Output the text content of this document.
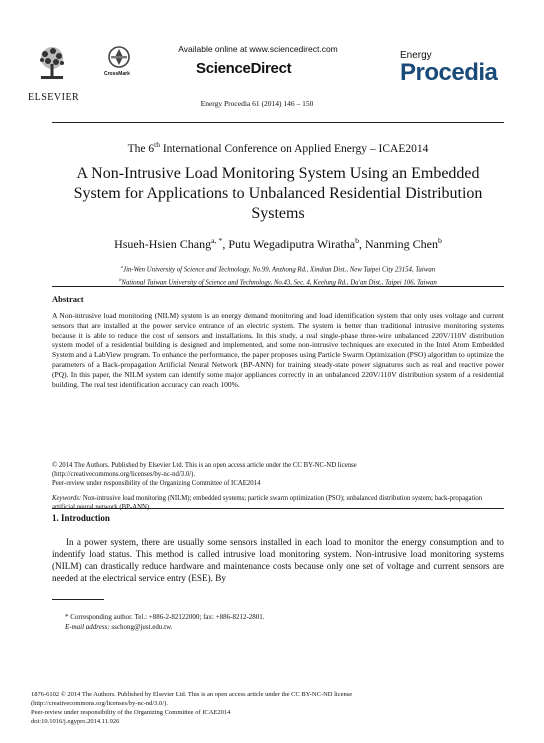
ELSEVIER
CrossMark
Available online at www.sciencedirect.com
ScienceDirect
Energy Procedia 61 (2014) 146 – 150
Energy
Procedia
The 6th International Conference on Applied Energy – ICAE2014
A Non-Intrusive Load Monitoring System Using an Embedded System for Applications to Unbalanced Residential Distribution Systems
Hsueh-Hsien Chang$^{a, *}$, Putu Wegadiputra Wiratha$^b$, Nanming Chen$^b$
$^a$Jin-Wen University of Science and Technology, No.99, Anzhong Rd., Xindian Dist., New Taipei City 23154, Taiwan
$^b$National Taiwan University of Science and Technology, No.43, Sec. 4, Keelung Rd., Da'an Dist., Taipei 106, Taiwan
Abstract
A Non-intrusive load monitoring (NILM) system is an energy demand monitoring and load identification system that only uses voltage and current sensors that are installed at the power service entrance of an electric system. The system is better than traditional intrusive monitoring systems because it is able to reduce the cost of sensors and installations. In this study, a real single-phase three-wire unbalanced 220V/110V distribution system model of a residential building is designed and implemented, and some non-intrusive techniques are executed in the Intel Atom Embedded System and a LabView program. To enhance the performance, the paper proposes using Particle Swarm Optimization (PSO) algorithm to optimize the parameters of a Back-propagation Artificial Neural Network (BP-ANN) for training steady-state power signatures such as real and reactive power (PQ). In this paper, the NILM system can identify some major appliances correctly in an unbalanced 220V/110V distribution system of a residential building. The real test identification accuracy can reach 100%.
© 2014 The Authors. Published by Elsevier Ltd. This is an open access article under the CC BY-NC-ND license
(http://creativecommons.org/licenses/by-nc-nd/3.0/).
Peer-review under responsibility of the Organizing Committee of ICAE2014
Keywords: Non-intrusive load monitoring (NILM); embedded systems; particle swarm optimization (PSO); unbalanced distribution system; back-propagation artificial neural network (BP-ANN)
1. Introduction
In a power system, there are usually some sensors installed in each load to monitor the energy consumption and to indentify load status. This method is called intrusive load monitoring system. Non-intrusive load monitoring systems (NILM) can drastically reduce hardware and maintenance costs because only one set of voltage and current sensors are needed at the electrical service entry (ESE). By
* Corresponding author. Tel.: +886-2-82122000; fax: +886-8212-2801.
E-mail address: sschong@just.edu.tw.
1876-6102 © 2014 The Authors. Published by Elsevier Ltd. This is an open access article under the CC BY-NC-ND license
(http://creativecommons.org/licenses/by-nc-nd/3.0/).
Peer-review under responsibility of the Organizing Committee of ICAE2014
doi:10.1016/j.egypro.2014.11.926
